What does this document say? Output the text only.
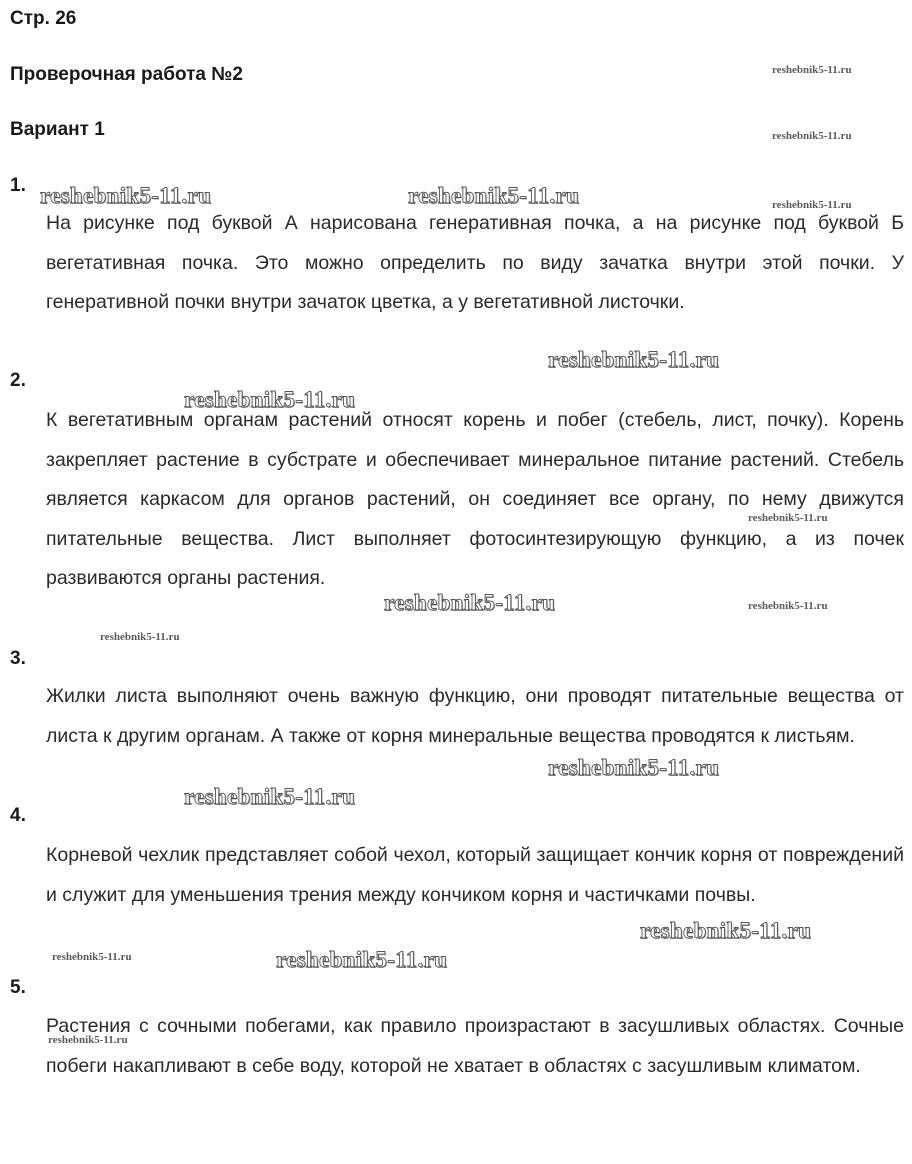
Стр. 26
Проверочная работа №2
Вариант 1
1.

На рисунке под буквой А нарисована генеративная почка, а на рисунке под буквой Б вегетативная почка. Это можно определить по виду зачатка внутри этой почки. У генеративной почки внутри зачаток цветка, а у вегетативной листочки.

2.

К вегетативным органам растений относят корень и побег (стебель, лист, почку). Корень закрепляет растение в субстрате и обеспечивает минеральное питание растений. Стебель является каркасом для органов растений, он соединяет все органу, по нему движутся питательные вещества. Лист выполняет фотосинтезирующую функцию, а из почек развиваются органы растения.

3.

Жилки листа выполняют очень важную функцию, они проводят питательные вещества от листа к другим органам. А также от корня минеральные вещества проводятся к листьям.

4.

Корневой чехлик представляет собой чехол, который защищает кончик корня от повреждений и служит для уменьшения трения между кончиком корня и частичками почвы.

5.

Растения с сочными побегами, как правило произрастают в засушливых областях. Сочные побеги накапливают в себе воду, которой не хватает в областях с засушливым климатом.

reshebnik5-11.ru
reshebnik5-11.ru
reshebnik5-11.ru
reshebnik5-11.ru	reshebnik5-11.ru
reshebnik5-11.ru
reshebnik5-11.ru
reshebnik5-11.ru
reshebnik5-11.ru	reshebnik5-11.ru
reshebnik5-11.ru
reshebnik5-11.ru
reshebnik5-11.ru
reshebnik5-11.ru
reshebnik5-11.ru	reshebnik5-11.ru
reshebnik5-11.ru
